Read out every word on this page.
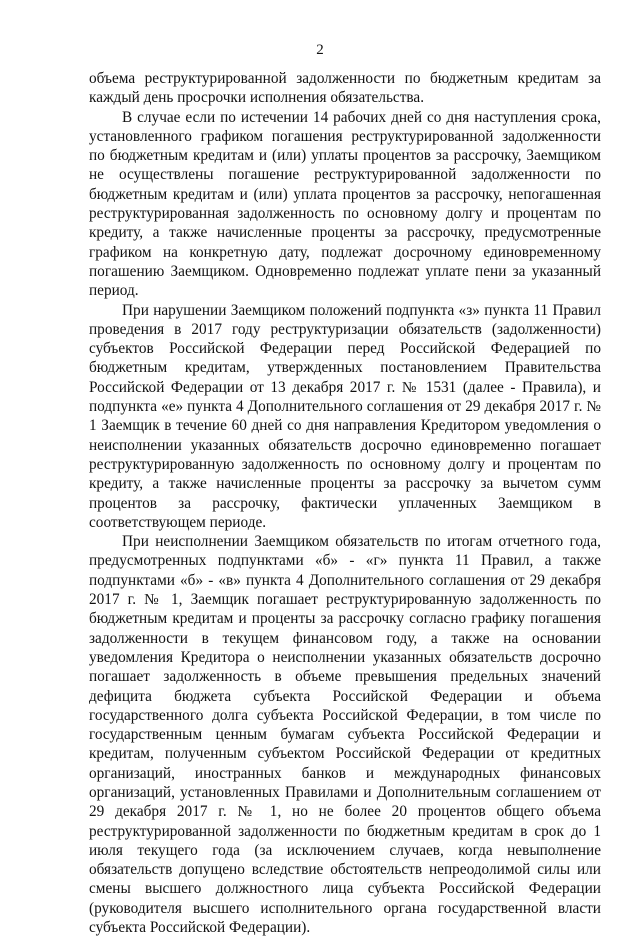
2

объема реструктурированной задолженности по бюджетным кредитам за каждый день просрочки исполнения обязательства.

В случае если по истечении 14 рабочих дней со дня наступления срока, установленного графиком погашения реструктурированной задолженности по бюджетным кредитам и (или) уплаты процентов за рассрочку, Заемщиком не осуществлены погашение реструктурированной задолженности по бюджетным кредитам и (или) уплата процентов за рассрочку, непогашенная реструктурированная задолженность по основному долгу и процентам по кредиту, а также начисленные проценты за рассрочку, предусмотренные графиком на конкретную дату, подлежат досрочному единовременному погашению Заемщиком. Одновременно подлежат уплате пени за указанный период.

При нарушении Заемщиком положений подпункта «з» пункта 11 Правил проведения в 2017 году реструктуризации обязательств (задолженности) субъектов Российской Федерации перед Российской Федерацией по бюджетным кредитам, утвержденных постановлением Правительства Российской Федерации от 13 декабря 2017 г. № 1531 (далее - Правила), и подпункта «е» пункта 4 Дополнительного соглашения от 29 декабря 2017 г. № 1 Заемщик в течение 60 дней со дня направления Кредитором уведомления о неисполнении указанных обязательств досрочно единовременно погашает реструктурированную задолженность по основному долгу и процентам по кредиту, а также начисленные проценты за рассрочку за вычетом сумм процентов за рассрочку, фактически уплаченных Заемщиком в соответствующем периоде.

При неисполнении Заемщиком обязательств по итогам отчетного года, предусмотренных подпунктами «б» - «г» пункта 11 Правил, а также подпунктами «б» - «в» пункта 4 Дополнительного соглашения от 29 декабря 2017 г. № 1, Заемщик погашает реструктурированную задолженность по бюджетным кредитам и проценты за рассрочку согласно графику погашения задолженности в текущем финансовом году, а также на основании уведомления Кредитора о неисполнении указанных обязательств досрочно погашает задолженность в объеме превышения предельных значений дефицита бюджета субъекта Российской Федерации и объема государственного долга субъекта Российской Федерации, в том числе по государственным ценным бумагам субъекта Российской Федерации и кредитам, полученным субъектом Российской Федерации от кредитных организаций, иностранных банков и международных финансовых организаций, установленных Правилами и Дополнительным соглашением от 29 декабря 2017 г. № 1, но не более 20 процентов общего объема реструктурированной задолженности по бюджетным кредитам в срок до 1 июля текущего года (за исключением случаев, когда невыполнение обязательств допущено вследствие обстоятельств непреодолимой силы или смены высшего должностного лица субъекта Российской Федерации (руководителя высшего исполнительного органа государственной власти субъекта Российской Федерации).
